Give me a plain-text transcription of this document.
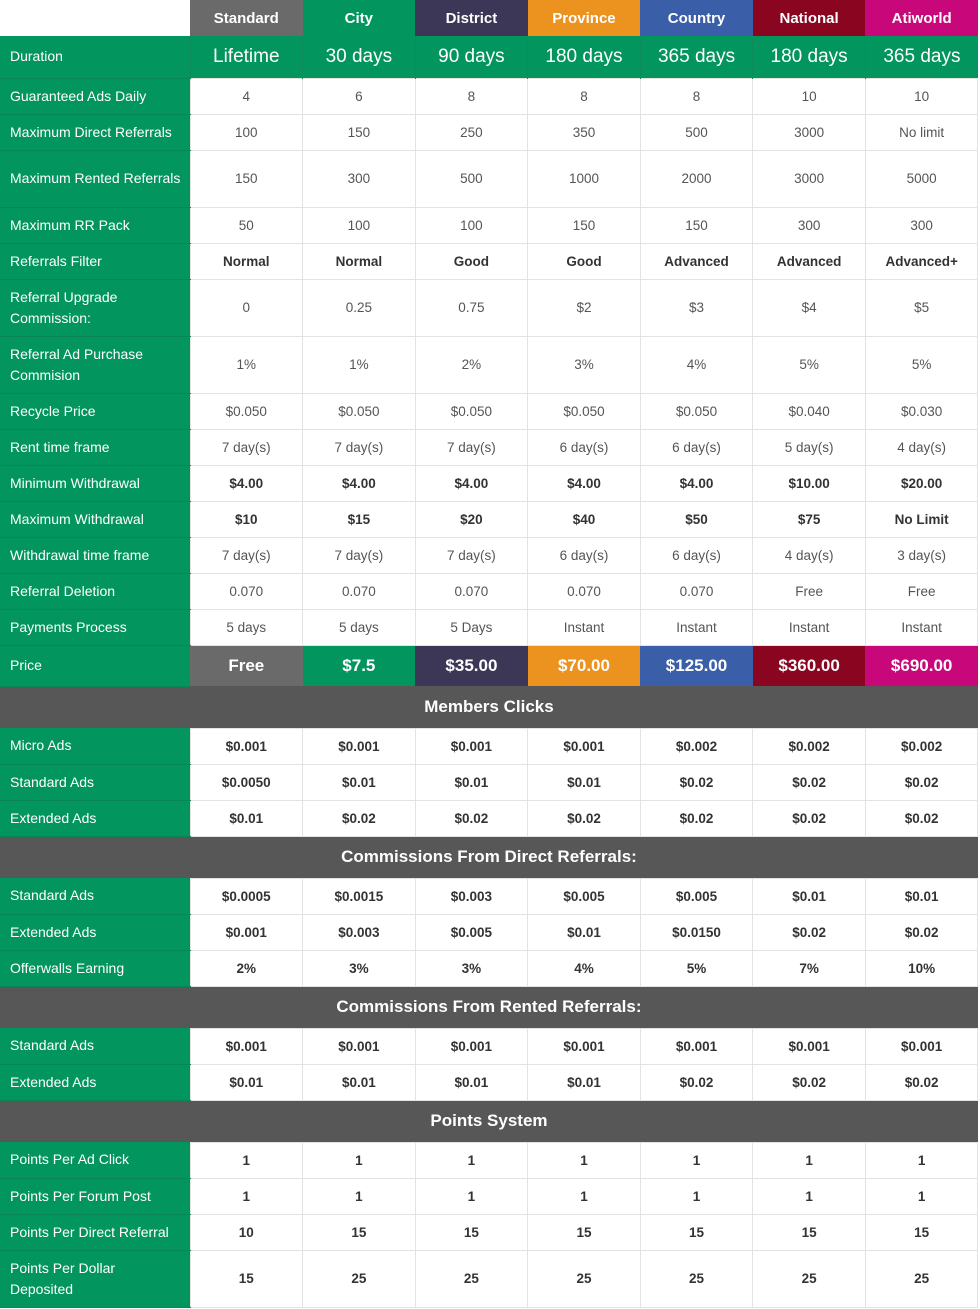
	Standard	City	District	Province	Country	National	Atiworld
Duration	Lifetime	30 days	90 days	180 days	365 days	180 days	365 days
Guaranteed Ads Daily	4	6	8	8	8	10	10
Maximum Direct Referrals	100	150	250	350	500	3000	No limit
Maximum Rented Referrals	150	300	500	1000	2000	3000	5000
Maximum RR Pack	50	100	100	150	150	300	300
Referrals Filter	Normal	Normal	Good	Good	Advanced	Advanced	Advanced+
Referral Upgrade Commission:	0	0.25	0.75	$2	$3	$4	$5
Referral Ad Purchase Commision	1%	1%	2%	3%	4%	5%	5%
Recycle Price	$0.050	$0.050	$0.050	$0.050	$0.050	$0.040	$0.030
Rent time frame	7 day(s)	7 day(s)	7 day(s)	6 day(s)	6 day(s)	5 day(s)	4 day(s)
Minimum Withdrawal	$4.00	$4.00	$4.00	$4.00	$4.00	$10.00	$20.00
Maximum Withdrawal	$10	$15	$20	$40	$50	$75	No Limit
Withdrawal time frame	7 day(s)	7 day(s)	7 day(s)	6 day(s)	6 day(s)	4 day(s)	3 day(s)
Referral Deletion	0.070	0.070	0.070	0.070	0.070	Free	Free
Payments Process	5 days	5 days	5 Days	Instant	Instant	Instant	Instant
Price	Free	$7.5	$35.00	$70.00	$125.00	$360.00	$690.00
Members Clicks							
Micro Ads	$0.001	$0.001	$0.001	$0.001	$0.002	$0.002	$0.002
Standard Ads	$0.0050	$0.01	$0.01	$0.01	$0.02	$0.02	$0.02
Extended Ads	$0.01	$0.02	$0.02	$0.02	$0.02	$0.02	$0.02
Commissions From Direct Referrals:							
Standard Ads	$0.0005	$0.0015	$0.003	$0.005	$0.005	$0.01	$0.01
Extended Ads	$0.001	$0.003	$0.005	$0.01	$0.0150	$0.02	$0.02
Offerwalls Earning	2%	3%	3%	4%	5%	7%	10%
Commissions From Rented Referrals:							
Standard Ads	$0.001	$0.001	$0.001	$0.001	$0.001	$0.001	$0.001
Extended Ads	$0.01	$0.01	$0.01	$0.01	$0.02	$0.02	$0.02
Points System							
Points Per Ad Click	1	1	1	1	1	1	1
Points Per Forum Post	1	1	1	1	1	1	1
Points Per Direct Referral	10	15	15	15	15	15	15
Points Per Dollar Deposited	15	25	25	25	25	25	25
